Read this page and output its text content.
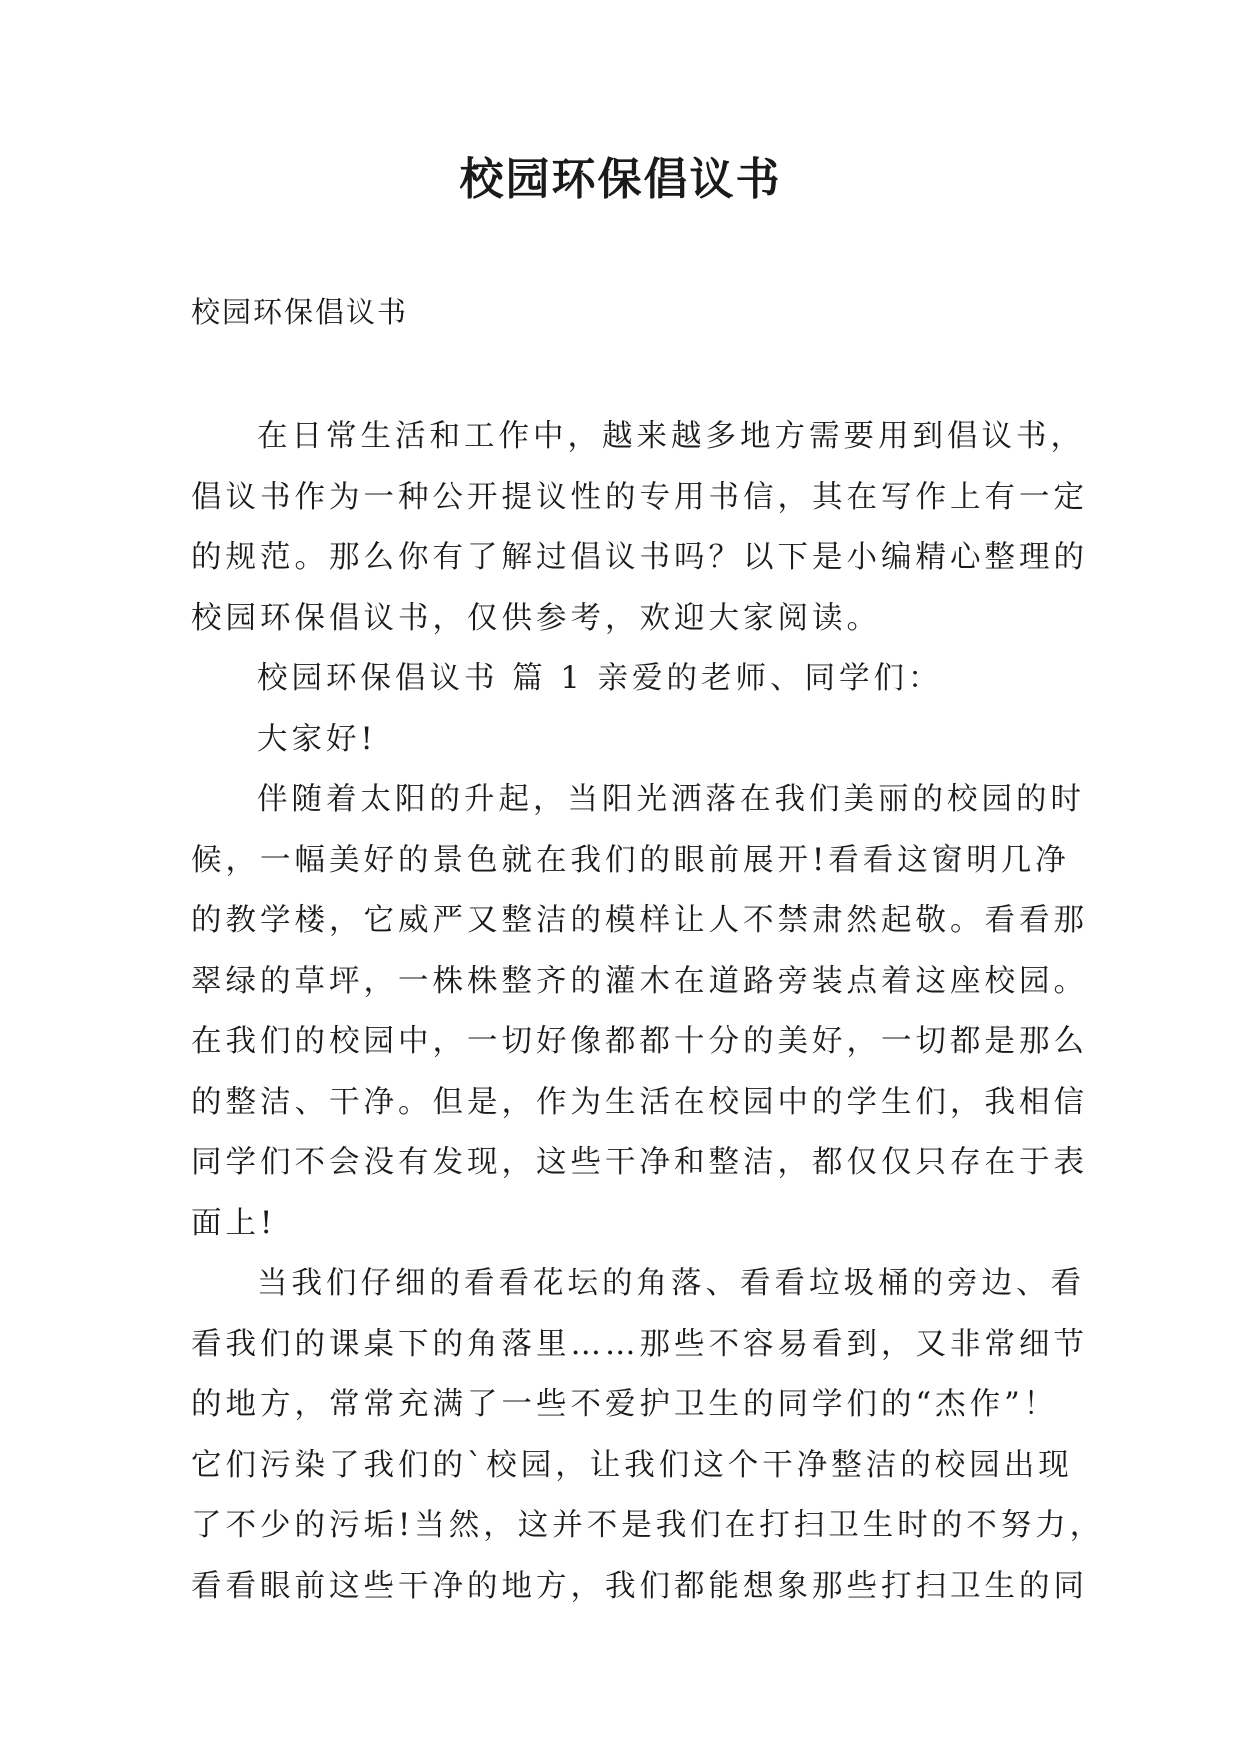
校园环保倡议书

校园环保倡议书

在日常生活和工作中，越来越多地方需要用到倡议书，
倡议书作为一种公开提议性的专用书信，其在写作上有一定
的规范。那么你有了解过倡议书吗？以下是小编精心整理的
校园环保倡议书，仅供参考，欢迎大家阅读。
校园环保倡议书 篇 1 亲爱的老师、同学们：
大家好!
伴随着太阳的升起，当阳光洒落在我们美丽的校园的时
候，一幅美好的景色就在我们的眼前展开!看看这窗明几净
的教学楼，它威严又整洁的模样让人不禁肃然起敬。看看那
翠绿的草坪，一株株整齐的灌木在道路旁装点着这座校园。
在我们的校园中，一切好像都都十分的美好，一切都是那么
的整洁、干净。但是，作为生活在校园中的学生们，我相信
同学们不会没有发现，这些干净和整洁，都仅仅只存在于表
面上!
当我们仔细的看看花坛的角落、看看垃圾桶的旁边、看
看我们的课桌下的角落里……那些不容易看到，又非常细节
的地方，常常充满了一些不爱护卫生的同学们的“杰作”！
它们污染了我们的`校园，让我们这个干净整洁的校园出现
了不少的污垢!当然，这并不是我们在打扫卫生时的不努力，
看看眼前这些干净的地方，我们都能想象那些打扫卫生的同
